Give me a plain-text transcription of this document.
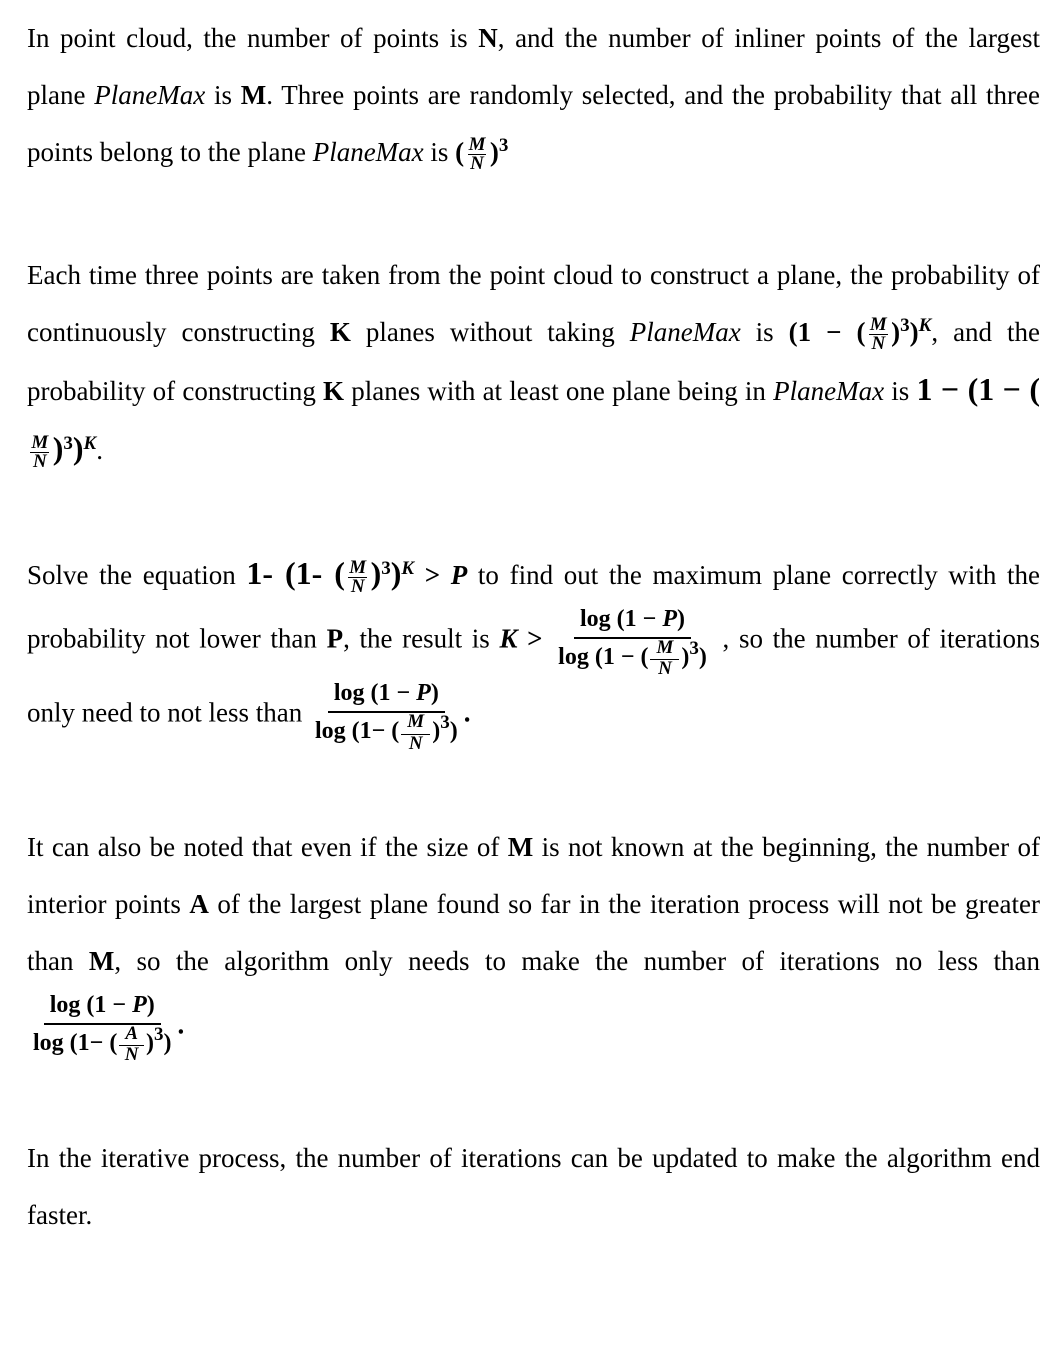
In point cloud, the number of points is N, and the number of inliner points of the largest plane PlaneMax is M. Three points are randomly selected, and the probability that all three points belong to the plane PlaneMax is ( $\frac{M}{N} )^3$

Each time three points are taken from the point cloud to construct a plane, the probability of continuously constructing K planes without taking PlaneMax is (1 − ( $\frac{M}{N} )^3)^K$, and the probability of constructing K planes with at least one plane being in PlaneMax is 1 − (1 − (
$\frac{M}{N} )^3)^K$.

Solve the equation 1- (1- ( $\frac{M}{N} )^3)^K > P$ to find out the maximum plane correctly with the probability not lower than P, the result is $K > \frac{\log (1 - P)}{\log (1 - ( \frac{M}{N} )^3)}$ , so the number of iterations only need to not less than $\frac{\log (1 - P)}{\log (1- ( \frac{M}{N} )^3)}$ .

It can also be noted that even if the size of M is not known at the beginning, the number of interior points A of the largest plane found so far in the iteration process will not be greater than M, so the algorithm only needs to make the number of iterations no less than
$\frac{\log (1 - P)}{\log (1- ( \frac{A}{N} )^3)}$ .

In the iterative process, the number of iterations can be updated to make the algorithm end faster.
